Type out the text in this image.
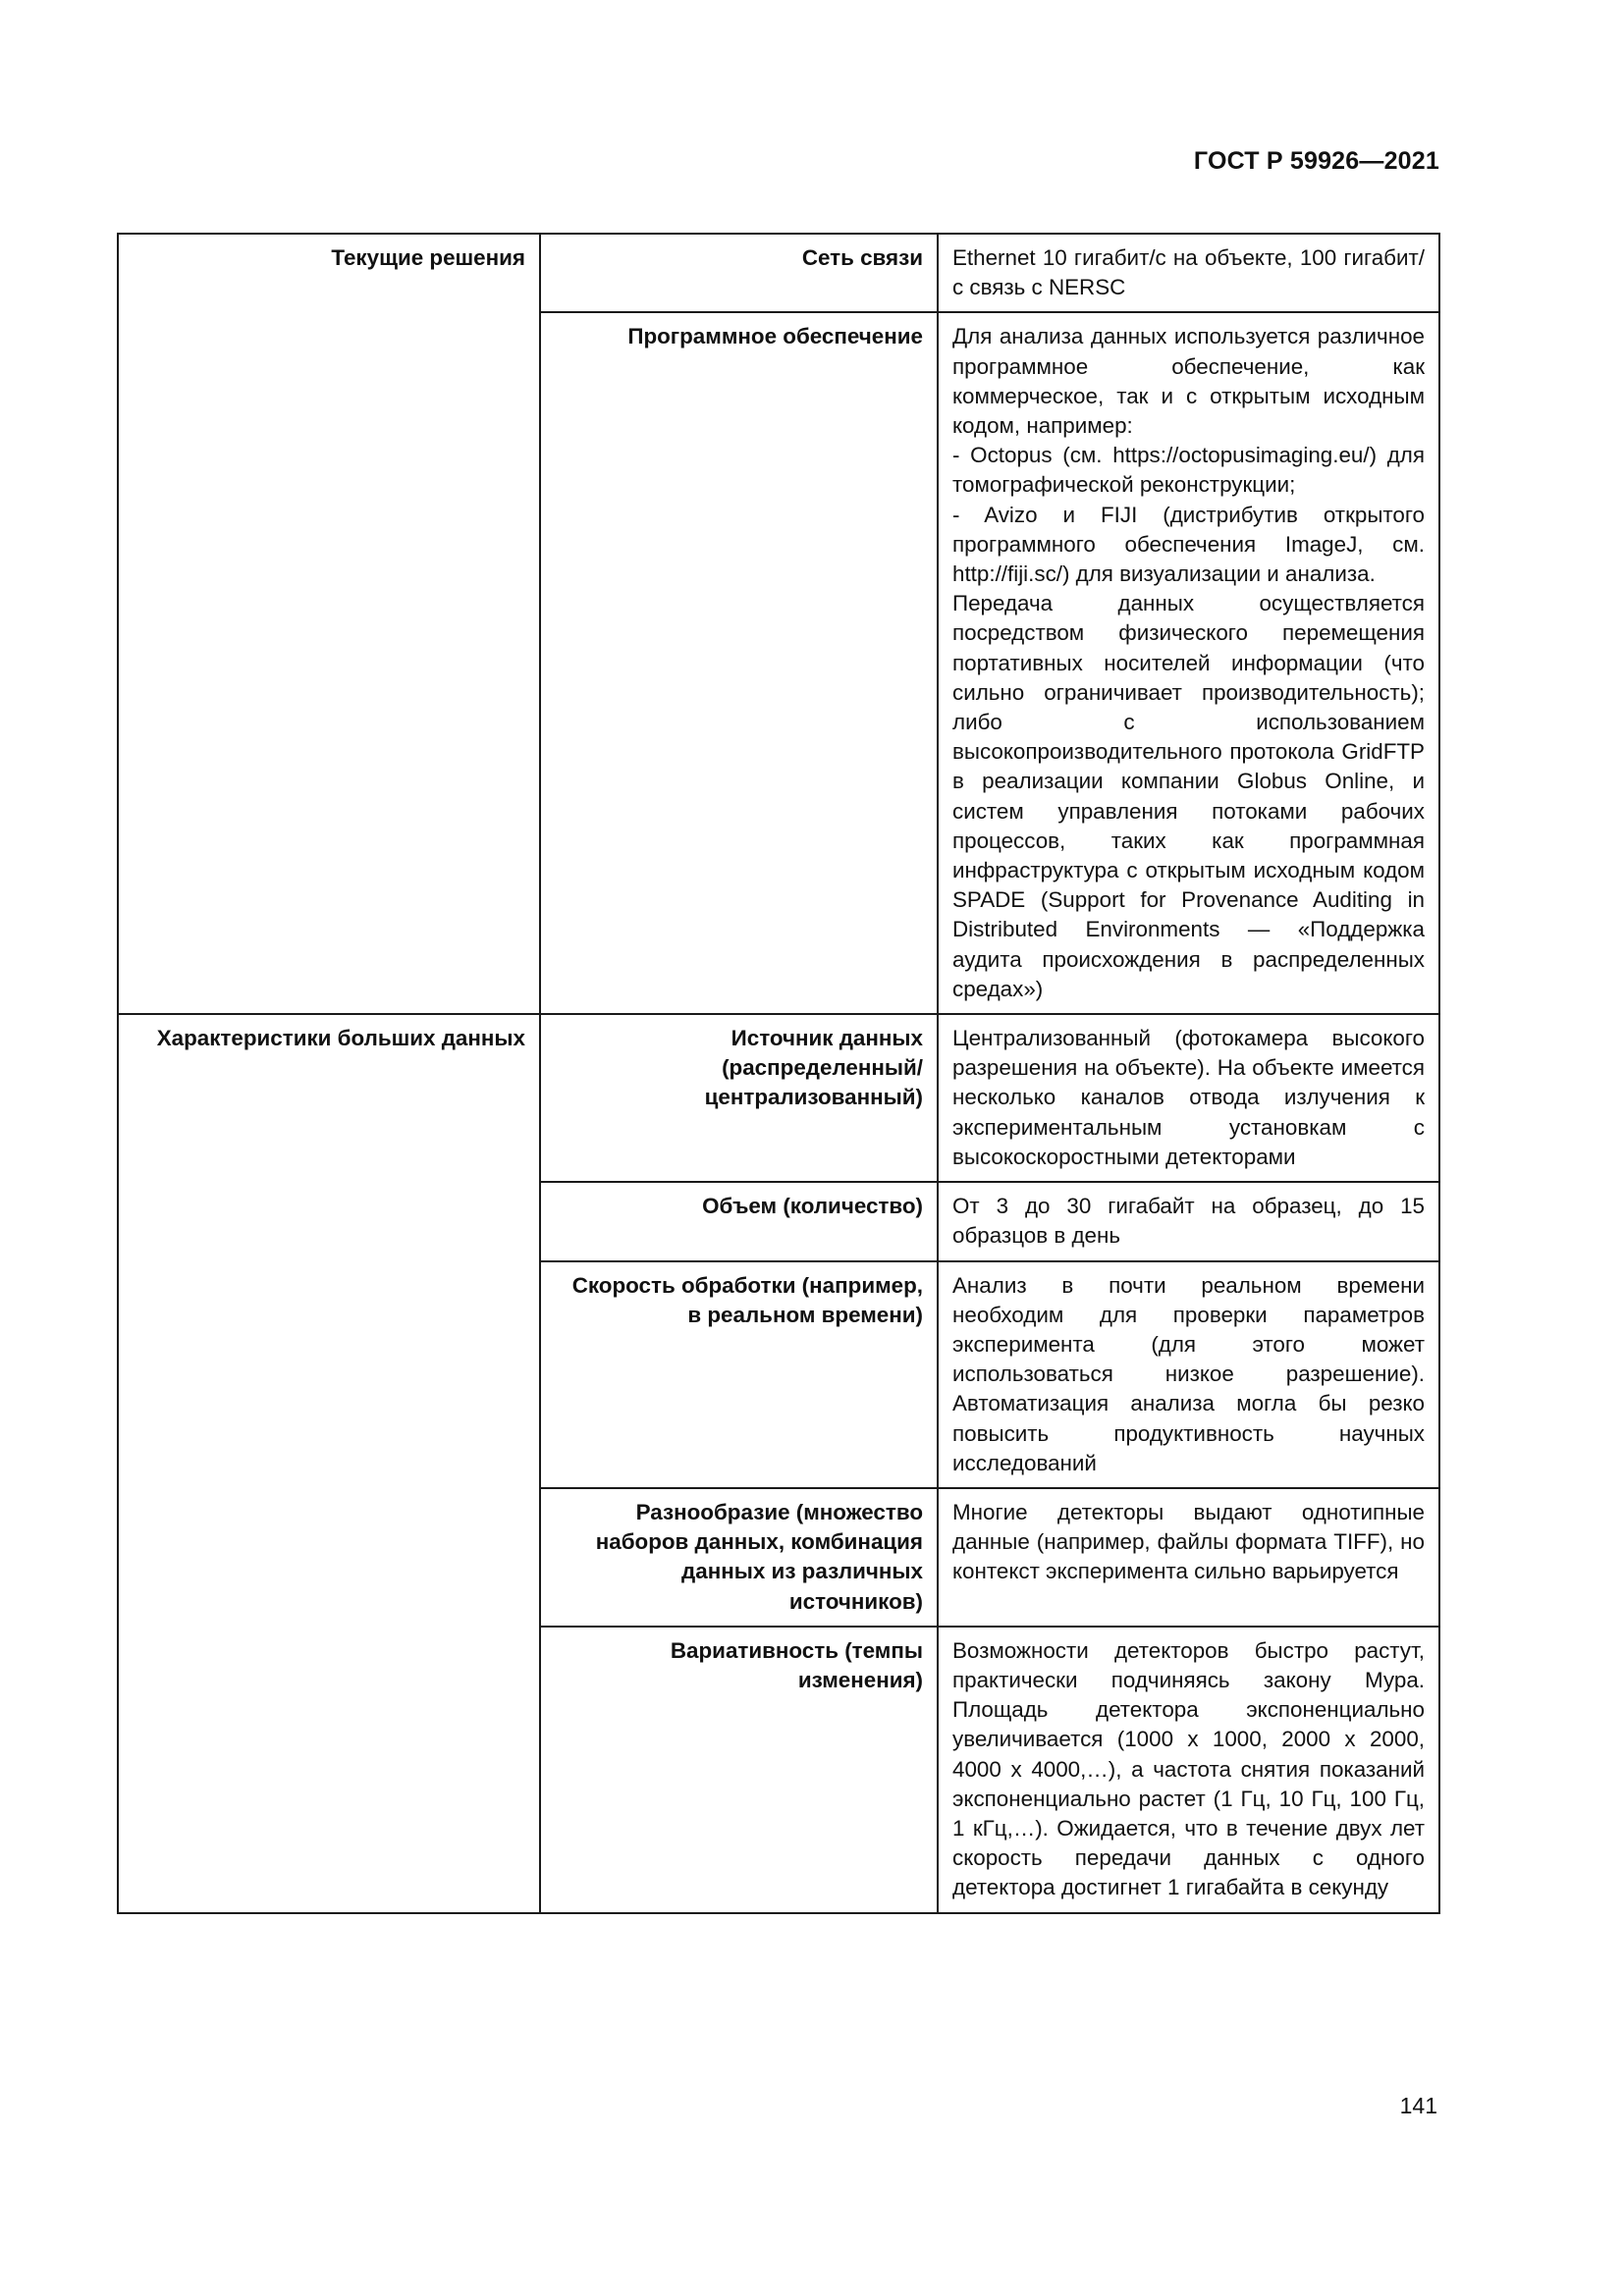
ГОСТ Р 59926—2021
Текущие решения	Сеть связи	Ethernet 10 гигабит/с на объекте, 100 гигабит/с связь с NERSC
	Программное обеспечение	Для анализа данных используется различное программное обеспечение, как коммерческое, так и с открытым исходным кодом, например:
- Octopus (см. https://octopusimaging.eu/) для томографической реконструкции;
- Avizo и FIJI (дистрибутив открытого программного обеспечения ImageJ, см. http://fiji.sc/) для визуализации и анализа.
Передача данных осуществляется посредством физического перемещения портативных носителей информации (что сильно ограничивает производительность); либо с использованием высокопроизводительного протокола GridFTP в реализации компании Globus Online, и систем управления потоками рабочих процессов, таких как программная инфраструктура с открытым исходным кодом SPADE (Support for Provenance Auditing in Distributed Environments — «Поддержка аудита происхождения в распределенных средах»)

Характеристики больших данных	Источник данных (распределенный/ централизованный)	Централизованный (фотокамера высокого разрешения на объекте). На объекте имеется несколько каналов отвода излучения к экспериментальным установкам с высокоскоростными детекторами
	Объем (количество)	От 3 до 30 гигабайт на образец, до 15 образцов в день
	Скорость обработки (например, в реальном времени)	Анализ в почти реальном времени необходим для проверки параметров эксперимента (для этого может использоваться низкое разрешение). Автоматизация анализа могла бы резко повысить продуктивность научных исследований
	Разнообразие (множество наборов данных, комбинация данных из различных источников)	Многие детекторы выдают однотипные данные (например, файлы формата TIFF), но контекст эксперимента сильно варьируется
	Вариативность (темпы изменения)	Возможности детекторов быстро растут, практически подчиняясь закону Мура. Площадь детектора экспоненциально увеличивается (1000 x 1000, 2000 x 2000, 4000 x 4000,…), а частота снятия показаний экспоненциально растет (1 Гц, 10 Гц, 100 Гц, 1 кГц,…). Ожидается, что в течение двух лет скорость передачи данных с одного детектора достигнет 1 гигабайта в секунду
141
